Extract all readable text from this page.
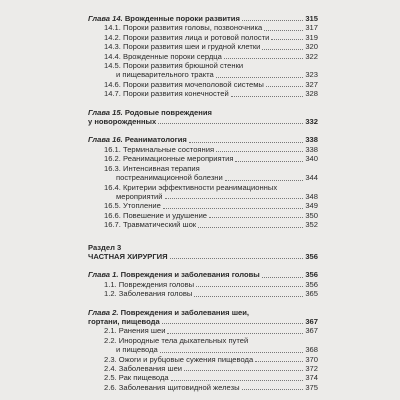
Глава 14. Врожденные пороки развития	315
14.1. Пороки развития головы, позвоночника	317
14.2. Пороки развития лица и ротовой полости	319
14.3. Пороки развития шеи и грудной клетки	320
14.4. Врожденные пороки сердца	322
14.5. Пороки развития брюшной стенки
и пищеварительного тракта	323
14.6. Пороки развития мочеполовой системы	327
14.7. Пороки развития конечностей	328
Глава 15. Родовые повреждения
у новорожденных	332
Глава 16. Реаниматология	338
16.1. Терминальные состояния	338
16.2. Реанимационные мероприятия	340
16.3. Интенсивная терапия
постреанимационной болезни	344
16.4. Критерии эффективности реанимационных
мероприятий	348
16.5. Утопление	349
16.6. Повешение и удушение	350
16.7. Травматический шок	352
Раздел 3
ЧАСТНАЯ ХИРУРГИЯ	356
Глава 1. Повреждения и заболевания головы	356
1.1. Повреждения головы	356
1.2. Заболевания головы	365
Глава 2. Повреждения и заболевания шеи,
гортани, пищевода	367
2.1. Ранения шеи	367
2.2. Инородные тела дыхательных путей
и пищевода	368
2.3. Ожоги и рубцовые сужения пищевода	370
2.4. Заболевания шеи	372
2.5. Рак пищевода	374
2.6. Заболевания щитовидной железы	375
